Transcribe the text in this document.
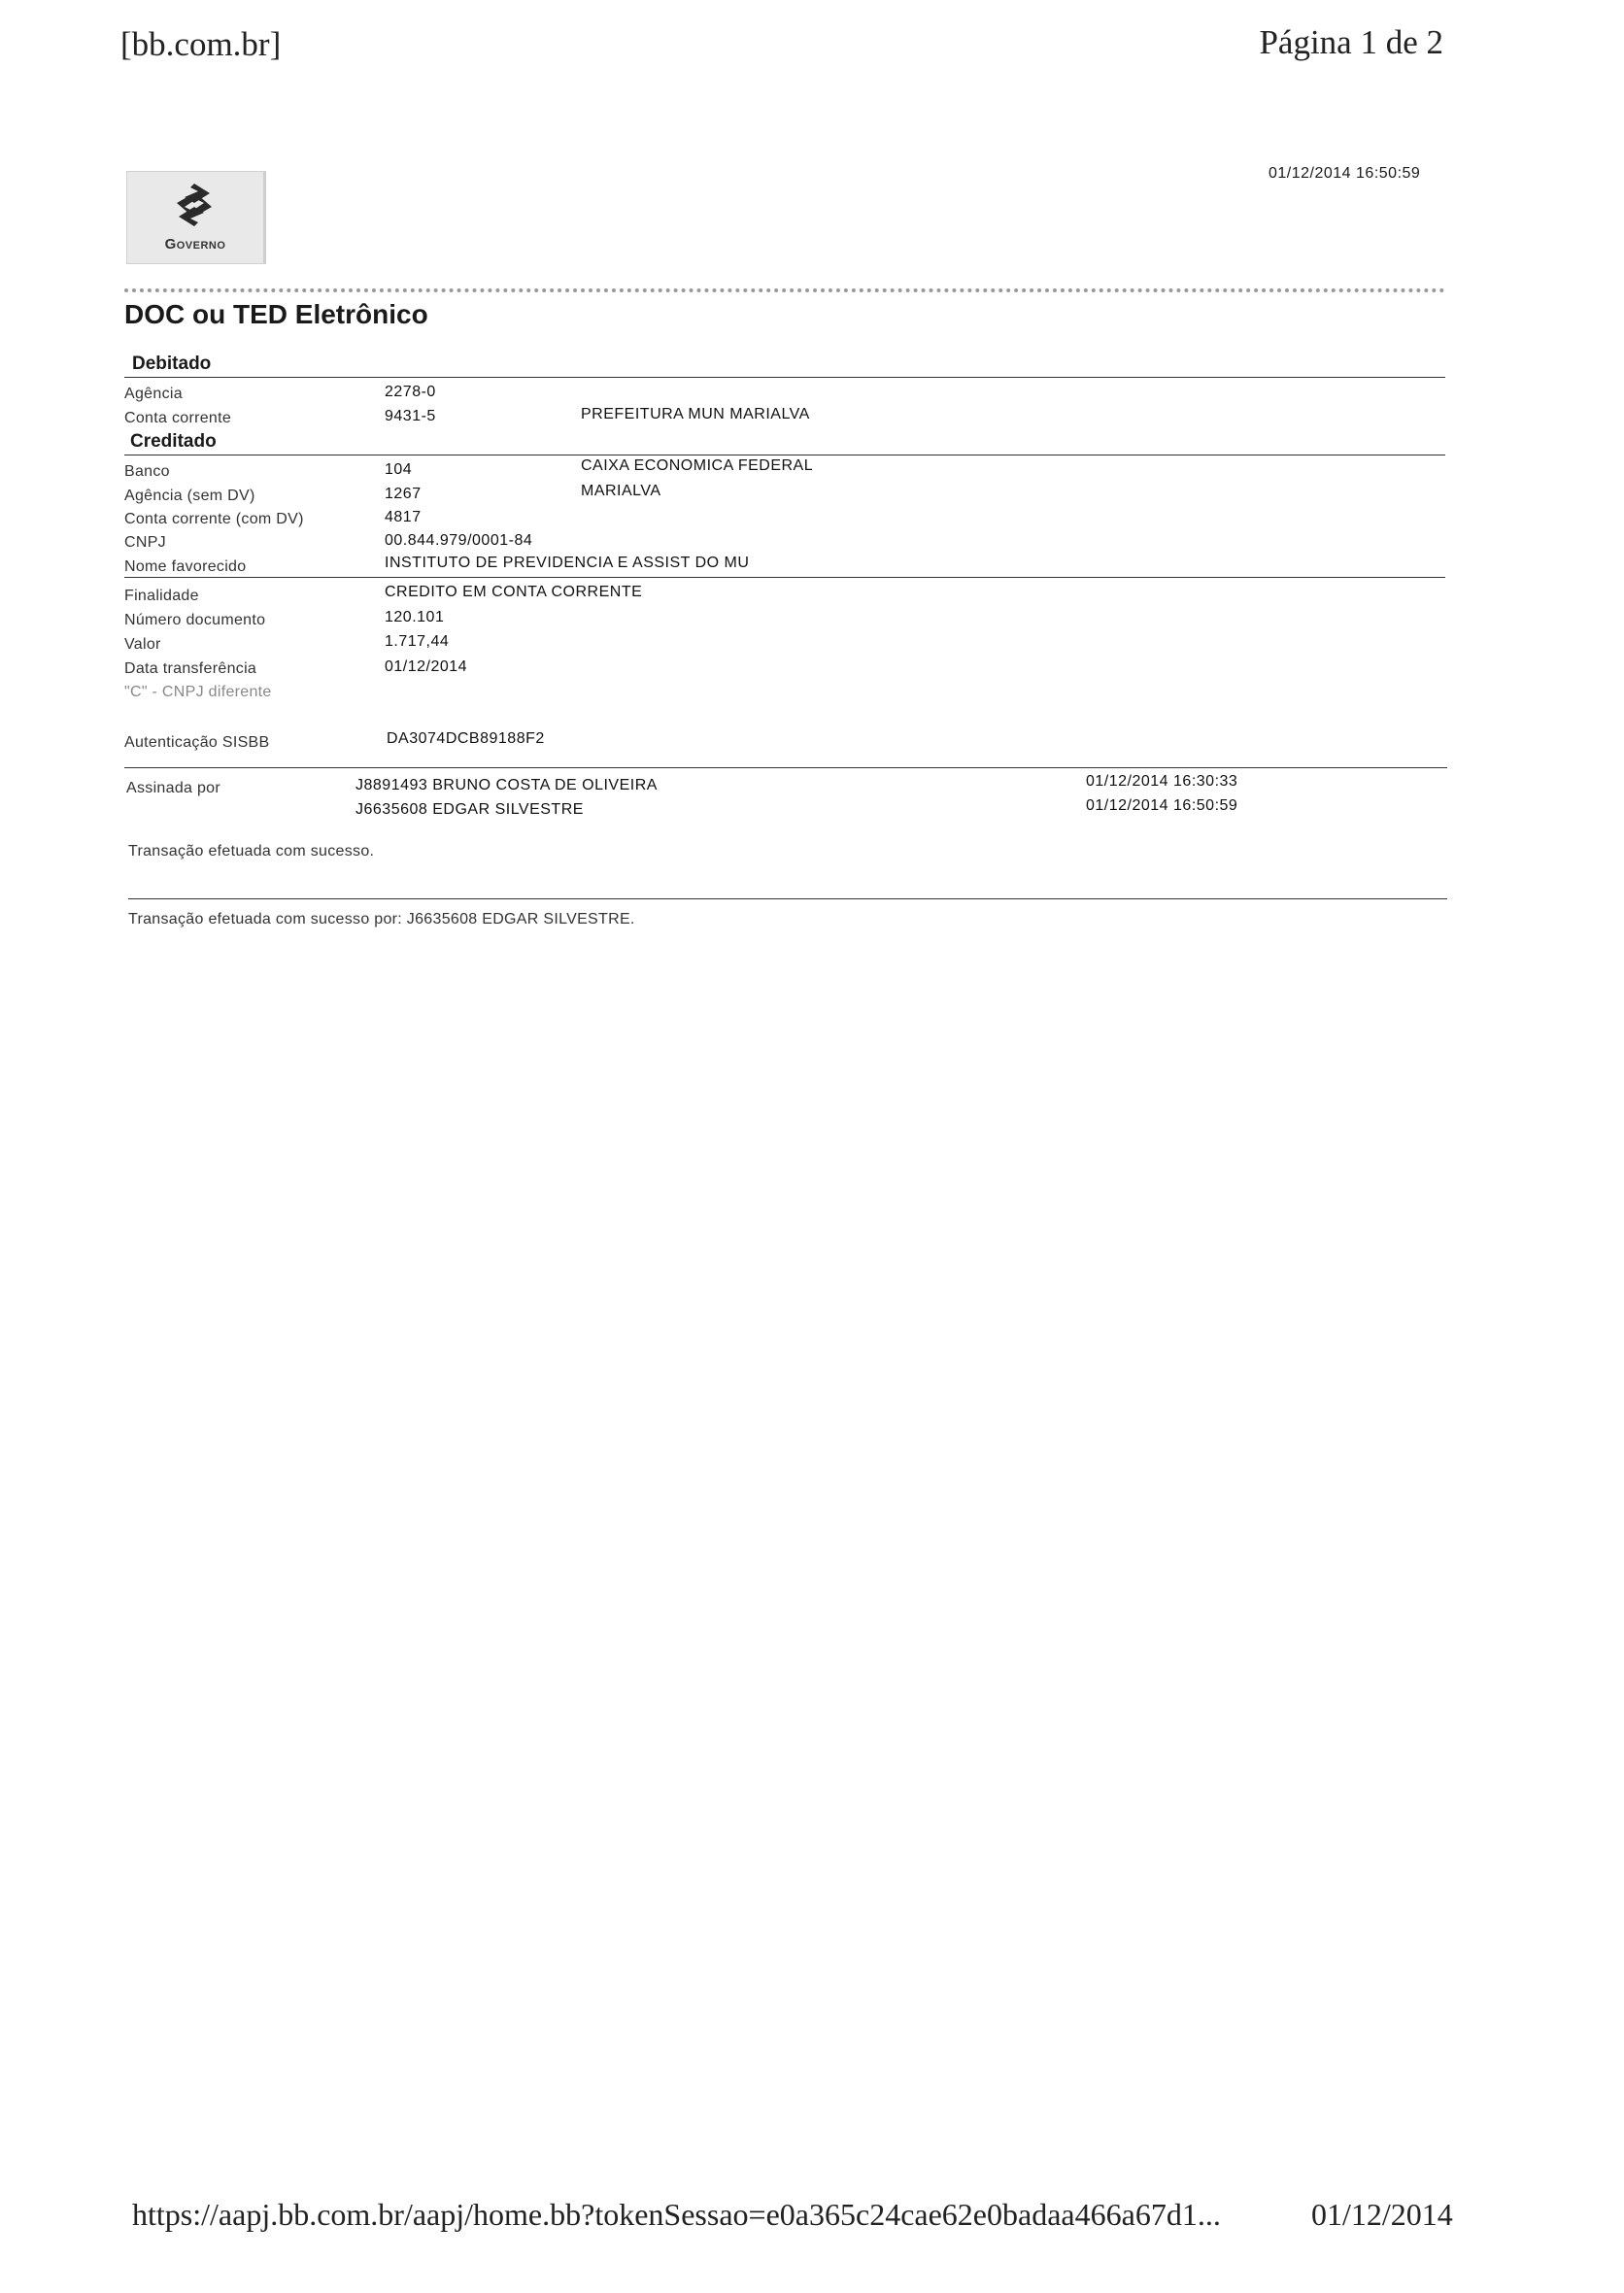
[bb.com.br]	Página 1 de 2
01/12/2014 16:50:59
Governo
DOC ou TED Eletrônico
Debitado
Agência	2278-0
Conta corrente	9431-5	PREFEITURA MUN MARIALVA
Creditado
Banco	104	CAIXA ECONOMICA FEDERAL
Agência (sem DV)	1267	MARIALVA
Conta corrente (com DV)	4817
CNPJ	00.844.979/0001-84
Nome favorecido	INSTITUTO DE PREVIDENCIA E ASSIST DO MU
Finalidade	CREDITO EM CONTA CORRENTE
Número documento	120.101
Valor	1.717,44
Data transferência	01/12/2014
"C" - CNPJ diferente
Autenticação SISBB	DA3074DCB89188F2
Assinada por	J8891493 BRUNO COSTA DE OLIVEIRA	01/12/2014 16:30:33
J6635608 EDGAR SILVESTRE	01/12/2014 16:50:59
Transação efetuada com sucesso.
Transação efetuada com sucesso por: J6635608 EDGAR SILVESTRE.
https://aapj.bb.com.br/aapj/home.bb?tokenSessao=e0a365c24cae62e0badaa466a67d1...	01/12/2014
